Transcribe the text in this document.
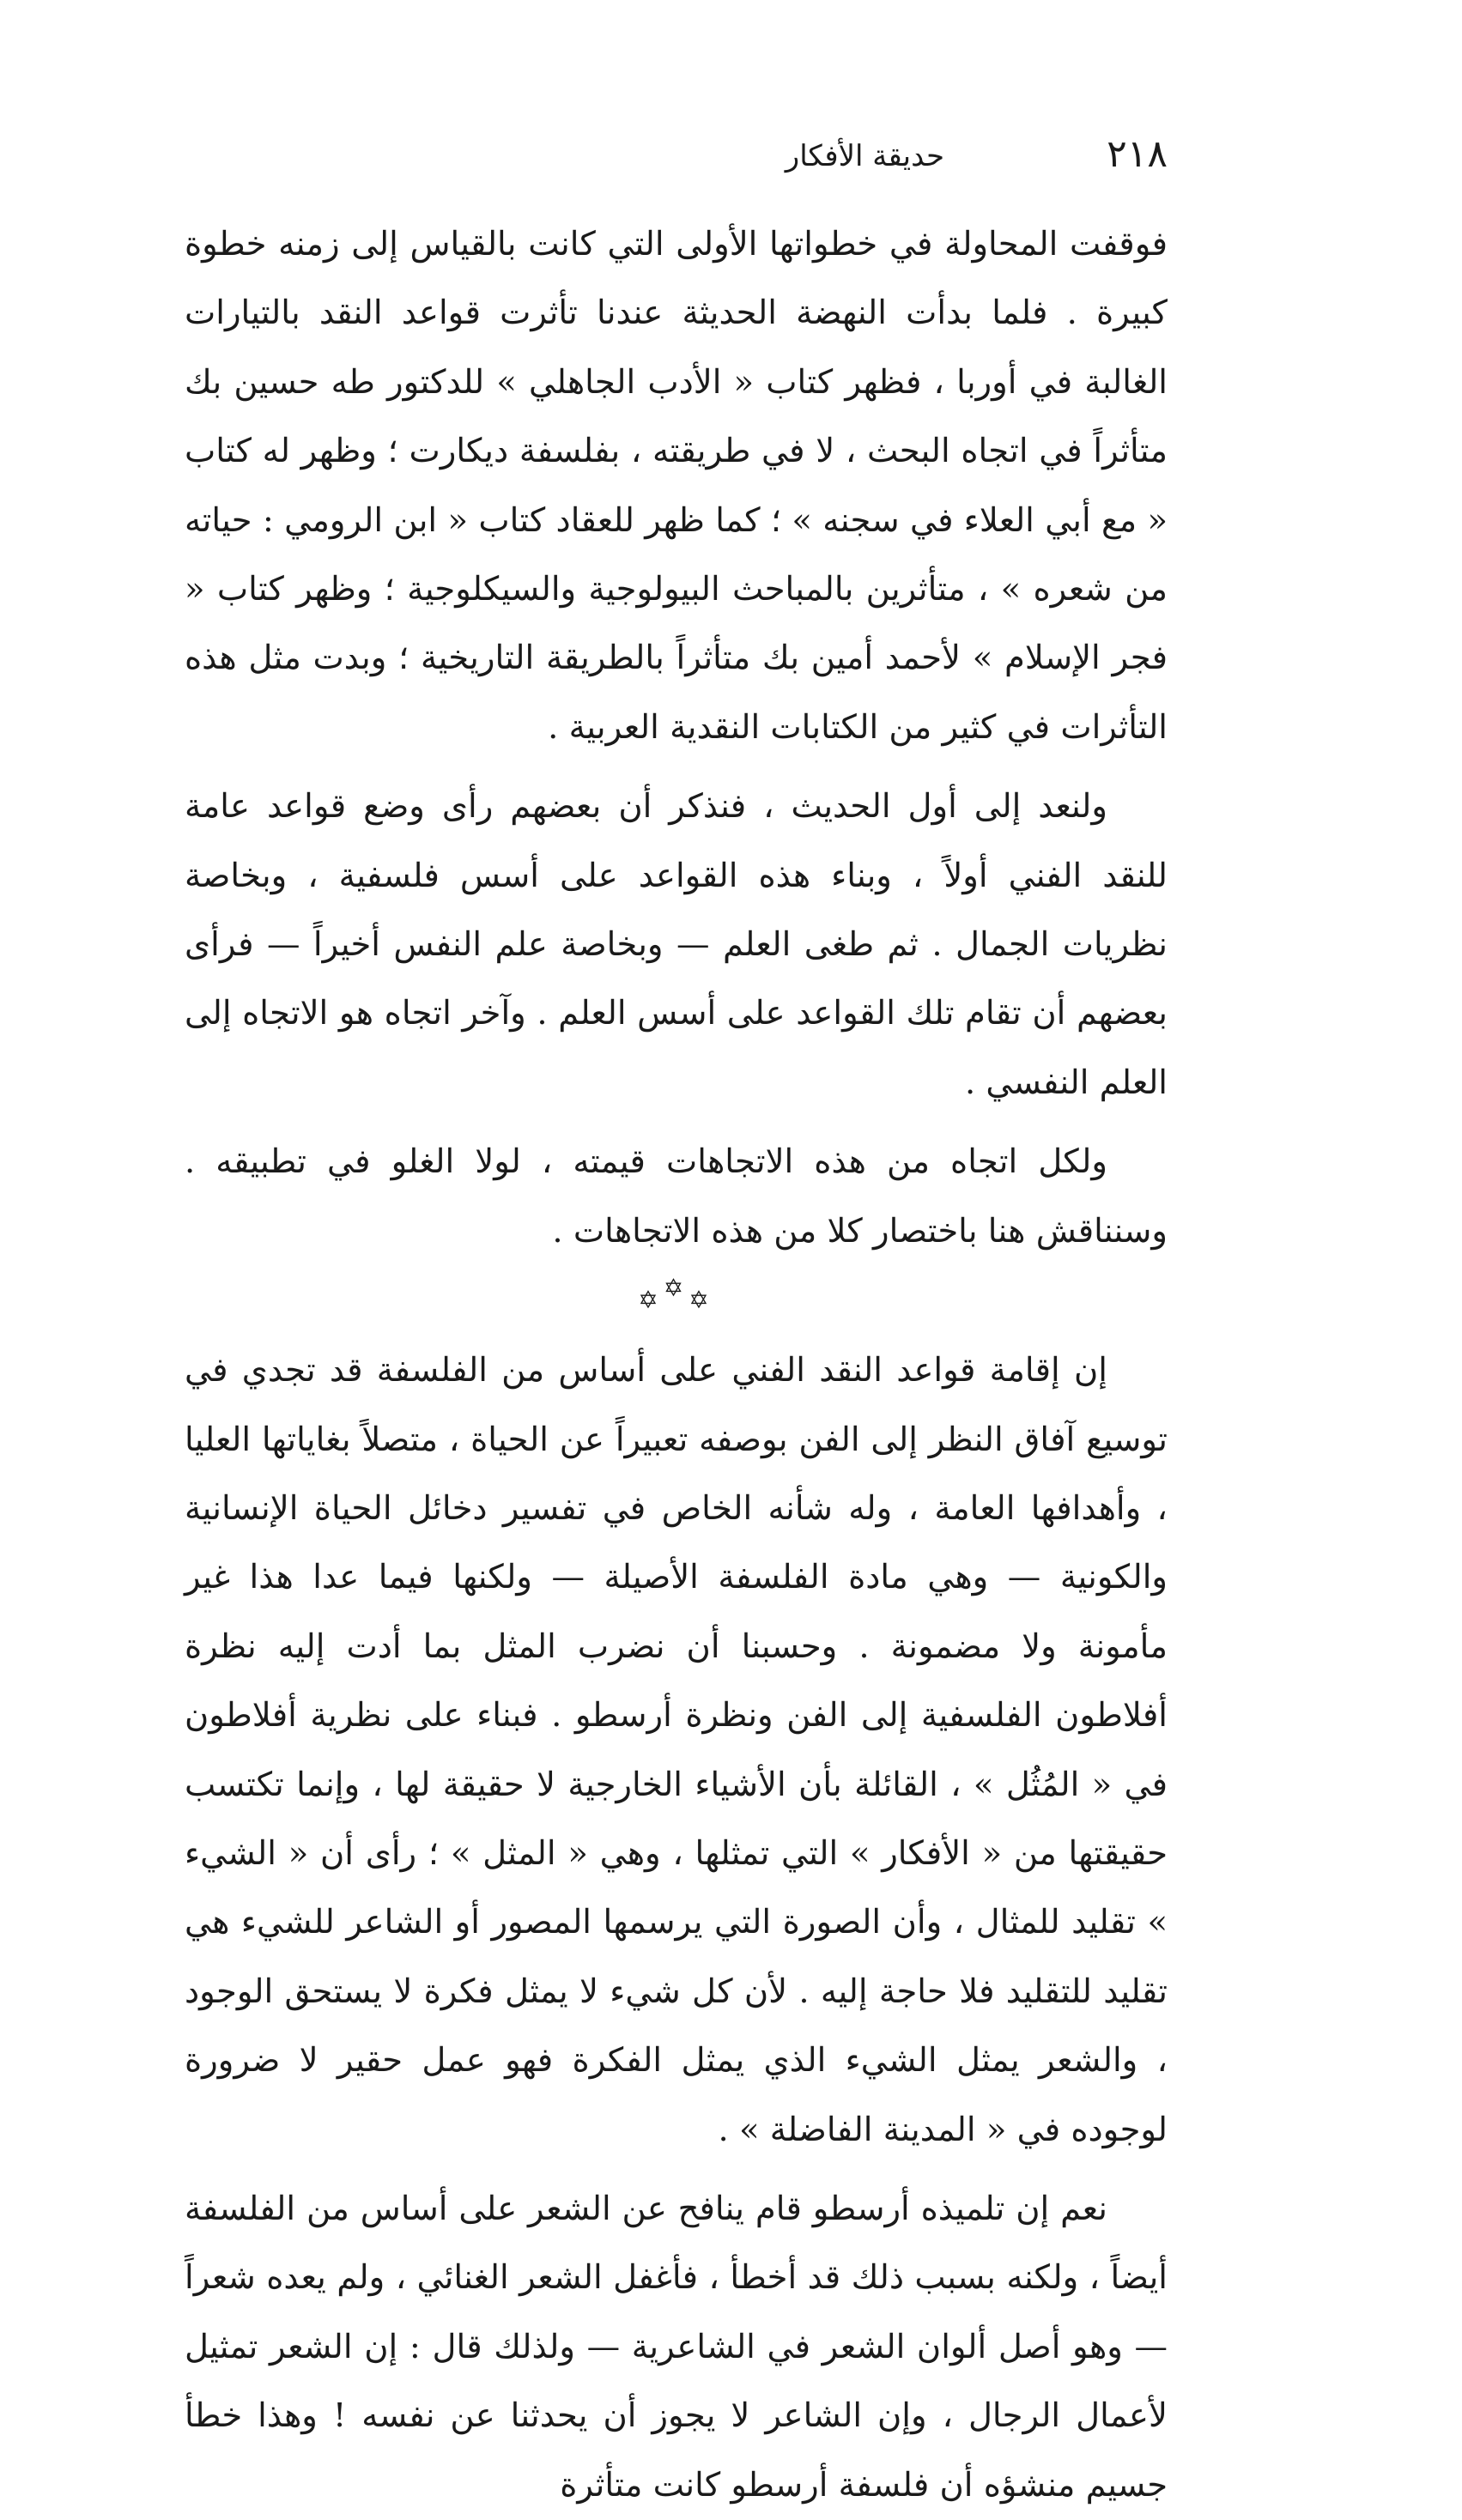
٢١٨
حديقة الأفكار

فوقفت المحاولة في خطواتها الأولى التي كانت بالقياس إلى زمنه خطوة كبيرة . فلما بدأت النهضة الحديثة عندنا تأثرت قواعد النقد بالتيارات الغالبة في أوربا ، فظهر كتاب « الأدب الجاهلي » للدكتور طه حسين بك متأثراً في اتجاه البحث ، لا في طريقته ، بفلسفة ديكارت ؛ وظهر له كتاب « مع أبي العلاء في سجنه » ؛ كما ظهر للعقاد كتاب « ابن الرومي : حياته من شعره » ، متأثرين بالمباحث البيولوجية والسيكلوجية ؛ وظهر كتاب « فجر الإسلام » لأحمد أمين بك متأثراً بالطريقة التاريخية ؛ وبدت مثل هذه التأثرات في كثير من الكتابات النقدية العربية .

ولنعد إلى أول الحديث ، فنذكر أن بعضهم رأى وضع قواعد عامة للنقد الفني أولاً ، وبناء هذه القواعد على أسس فلسفية ، وبخاصة نظريات الجمال . ثم طغى العلم — وبخاصة علم النفس أخيراً — فرأى بعضهم أن تقام تلك القواعد على أسس العلم . وآخر اتجاه هو الاتجاه إلى العلم النفسي .

ولكل اتجاه من هذه الاتجاهات قيمته ، لولا الغلو في تطبيقه . وسنناقش هنا باختصار كلا من هذه الاتجاهات .

✡✡✡

إن إقامة قواعد النقد الفني على أساس من الفلسفة قد تجدي في توسيع آفاق النظر إلى الفن بوصفه تعبيراً عن الحياة ، متصلاً بغاياتها العليا ، وأهدافها العامة ، وله شأنه الخاص في تفسير دخائل الحياة الإنسانية والكونية — وهي مادة الفلسفة الأصيلة — ولكنها فيما عدا هذا غير مأمونة ولا مضمونة . وحسبنا أن نضرب المثل بما أدت إليه نظرة أفلاطون الفلسفية إلى الفن ونظرة أرسطو . فبناء على نظرية أفلاطون في « المُثُل » ، القائلة بأن الأشياء الخارجية لا حقيقة لها ، وإنما تكتسب حقيقتها من « الأفكار » التي تمثلها ، وهي « المثل » ؛ رأى أن « الشيء » تقليد للمثال ، وأن الصورة التي يرسمها المصور أو الشاعر للشيء هي تقليد للتقليد فلا حاجة إليه . لأن كل شيء لا يمثل فكرة لا يستحق الوجود ، والشعر يمثل الشيء الذي يمثل الفكرة فهو عمل حقير لا ضرورة لوجوده في « المدينة الفاضلة » .

نعم إن تلميذه أرسطو قام ينافح عن الشعر على أساس من الفلسفة أيضاً ، ولكنه بسبب ذلك قد أخطأ ، فأغفل الشعر الغنائي ، ولم يعده شعراً — وهو أصل ألوان الشعر في الشاعرية — ولذلك قال : إن الشعر تمثيل لأعمال الرجال ، وإن الشاعر لا يجوز أن يحدثنا عن نفسه ! وهذا خطأ جسيم منشؤه أن فلسفة أرسطو كانت متأثرة
